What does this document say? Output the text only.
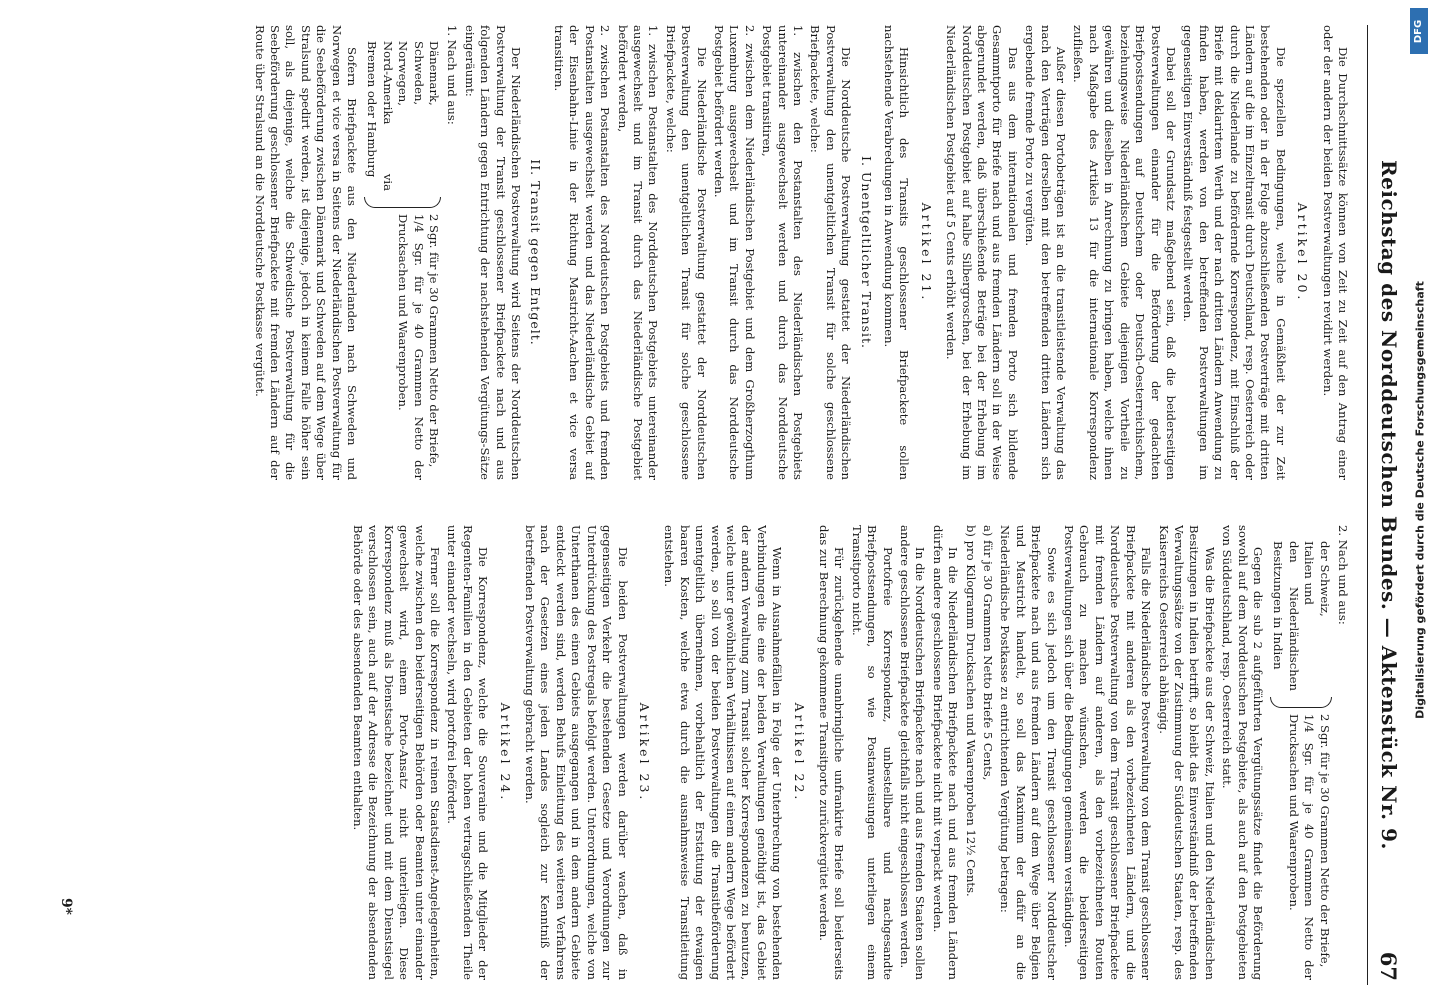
Reichstag des Norddeutschen Bundes. — Aktenstück Nr. 9.
67

Die Durchschnittssätze können von Zeit zu Zeit auf den Antrag einer oder der andern der beiden Postverwaltungen revidirt werden.

Artikel 20.

Die speziellen Bedingungen, welche in Gemäßheit der zur Zeit bestehenden oder in der Folge abzuschließenden Postverträge mit dritten Ländern auf die im Einzeltransit durch Deutschland, resp. Oesterreich oder durch die Niederlande zu befördernde Korrespondenz, mit Einschluß der Briefe mit deklarirtem Werth und der nach dritten Ländern Anwendung zu finden haben, werden von den betreffenden Postverwaltungen im gegenseitigen Einverständniß festgestellt werden.

Dabei soll der Grundsatz maßgebend sein, daß die beiderseitigen Postverwaltungen einander für die Beförderung der gedachten Briefpostsendungen auf Deutschem oder Deutsch-Oesterreichischem, beziehungsweise Niederländischem Gebiete diejenigen Vortheile zu gewähren und dieselben in Anrechnung zu bringen haben, welche ihnen nach Maßgabe des Artikels 13 für die internationale Korrespondenz zufließen.

Außer diesen Portobeträgen ist an die transitleistende Verwaltung das nach den Verträgen derselben mit den betreffenden dritten Ländern sich ergebende fremde Porto zu vergüten.

Das aus dem internationalen und fremden Porto sich bildende Gesammtporto für Briefe nach und aus fremden Ländern soll in der Weise abgerundet werden, daß überschießende Beträge bei der Erhebung im Norddeutschen Postgebiet auf halbe Silbergroschen, bei der Erhebung im Niederländischen Postgebiet auf 5 Cents erhöht werden.

Artikel 21.

Hinsichtlich des Transits geschlossener Briefpackete sollen nachstehende Verabredungen in Anwendung kommen.

I. Unentgeltlicher Transit.

Die Norddeutsche Postverwaltung gestattet der Niederländischen Postverwaltung den unentgeltlichen Transit für solche geschlossene Briefpackete, welche:

1. zwischen den Postanstalten des Niederländischen Postgebiets untereinander ausgewechselt werden und durch das Norddeutsche Postgebiet transitiren,

2. zwischen dem Niederländischen Postgebiet und dem Großherzogthum Luxemburg ausgewechselt und im Transit durch das Norddeutsche Postgebiet befördert werden.

Die Niederländische Postverwaltung gestattet der Norddeutschen Postverwaltung den unentgeltlichen Transit für solche geschlossene Briefpackete, welche:

1. zwischen Postanstalten des Norddeutschen Postgebiets untereinander ausgewechselt und im Transit durch das Niederländische Postgebiet befördert werden,

2. zwischen Postanstalten des Norddeutschen Postgebiets und fremden Postanstalten ausgewechselt werden und das Niederländische Gebiet auf der Eisenbahn-Linie in der Richtung Mastricht-Aachen et vice versa transitiren.

II. Transit gegen Entgelt.

Der Niederländischen Postverwaltung wird Seitens der Norddeutschen Postverwaltung der Transit geschlossener Briefpackete nach und aus folgenden Ländern gegen Entrichtung der nachstehenden Vergütungs-Sätze eingeräumt:

1. Nach und aus:

Dänemark,
Schweden,
Norwegen,
Nord-Amerika via Bremen oder Hamburg
2 Sgr. für je 30 Grammen Netto der Briefe,
1/4 Sgr. für je 40 Grammen Netto der Drucksachen und Waarenproben.

Sofern Briefpackete aus den Niederlanden nach Schweden und Norwegen et vice versa in Seitens der Niederländischen Postverwaltung für die Seebeförderung zwischen Dänemark und Schweden auf dem Wege über Stralsund spedirt werden, ist diejenige, jedoch in keinem Falle höher sein soll, als diejenige, welche die Schwedische Postverwaltung für die Seebeförderung geschlossener Briefpackete mit fremden Ländern auf der Route über Stralsund an die Norddeutsche Postkasse vergütet.

2. Nach und aus:

der Schweiz,
Italien und
den Niederländischen Besitzungen in Indien
2 Sgr. für je 30 Grammen Netto der Briefe,
1/4 Sgr. für je 40 Grammen Netto der Drucksachen und Waarenproben.

Gegen die sub 2 aufgeführten Vergütungssätze findet die Beförderung sowohl auf dem Norddeutschen Postgebiete, als auch auf den Postgebieten von Süddeutschland, resp. Oesterreich statt.

Was die Briefpackete aus der Schweiz, Italien und den Niederländischen Besitzungen in Indien betrifft, so bleibt das Einverständniß der betreffenden Verwaltungssätze von der Zustimmung der Süddeutschen Staaten, resp. des Kaiserreichs Oesterreich abhängig.

Falls die Niederländische Postverwaltung von dem Transit geschlossener Briefpackete mit anderen als den vorbezeichneten Ländern, und die Norddeutsche Postverwaltung von dem Transit geschlossener Briefpackete mit fremden Ländern auf anderen, als den vorbezeichneten Routen Gebrauch zu machen wünschen, werden die beiderseitigen Postverwaltungen sich über die Bedingungen gemeinsam verständigen.

Sowie es sich jedoch um den Transit geschlossener Norddeutscher Briefpackete nach und aus fremden Ländern auf dem Wege über Belgien und Mastricht handelt, so soll das Maximum der dafür an die Niederländische Postkasse zu entrichtenden Vergütung betragen:

a) für je 30 Grammen Netto Briefe 5 Cents,

b) pro Kilogramm Drucksachen und Waarenproben 12½ Cents.

In die Niederländischen Briefpackete nach und aus fremden Ländern dürfen andere geschlossene Briefpackete nicht mit verpackt werden.

In die Norddeutschen Briefpackete nach und aus fremden Staaten sollen andere geschlossene Briefpackete gleichfalls nicht eingeschlossen werden.

Portofreie Korrespondenz, unbestellbare und nachgesandte Briefpostsendungen, so wie Postanweisungen unterliegen einem Transitporto nicht.

Für zurückgehende unanbringliche unfrankirte Briefe soll beiderseits das zur Berechnung gekommene Transitporto zurückvergütet werden.

Artikel 22.

Wenn in Ausnahmefällen in Folge der Unterbrechung von bestehenden Verbindungen die eine der beiden Verwaltungen genöthigt ist, das Gebiet der andern Verwaltung zum Transit solcher Korrespondenzen zu benutzen, welche unter gewöhnlichen Verhältnissen auf einem andern Wege befördert werden, so soll von der beiden Postverwaltungen die Transitbeförderung unentgeltlich übernehmen, vorbehaltlich der Erstattung der etwaigen baaren Kosten, welche etwa durch die ausnahmsweise Transitleitung entstehen.

Artikel 23.

Die beiden Postverwaltungen werden darüber wachen, daß in gegenseitigen Verkehr die bestehenden Gesetze und Verordnungen zur Unterdrückung des Postregals befolgt werden. Unterordnungen, welche von Unterthanen des einen Gebiets ausgegangen und in dem andern Gebiete entdeckt werden sind, werden Behufs Einleitung des weiteren Verfahrens nach der Gesetzen eines jeden Landes sogleich zur Kenntniß der betreffenden Postverwaltung gebracht werden.

Artikel 24.

Die Korrespondenz, welche die Souveraine und die Mitglieder der Regenten-Familien in den Gebieten der hohen vertragschließenden Theile unter einander wechseln, wird portofrei befördert.

Ferner soll die Korrespondenz in reinen Staatsdienst-Angelegenheiten, welche zwischen den beiderseitigen Behörden oder Beamten unter einander gewechselt wird, einem Porto-Ansatz nicht unterliegen. Diese Korrespondenz muß als Dienstsache bezeichnet und mit dem Dienstsiegel verschlossen sein, auch auf der Adresse die Bezeichnung der absendenden Behörde oder des absendenden Beamten enthalten.

9*
DFG
Digitalisierung gefördert durch die Deutsche Forschungsgemeinschaft
